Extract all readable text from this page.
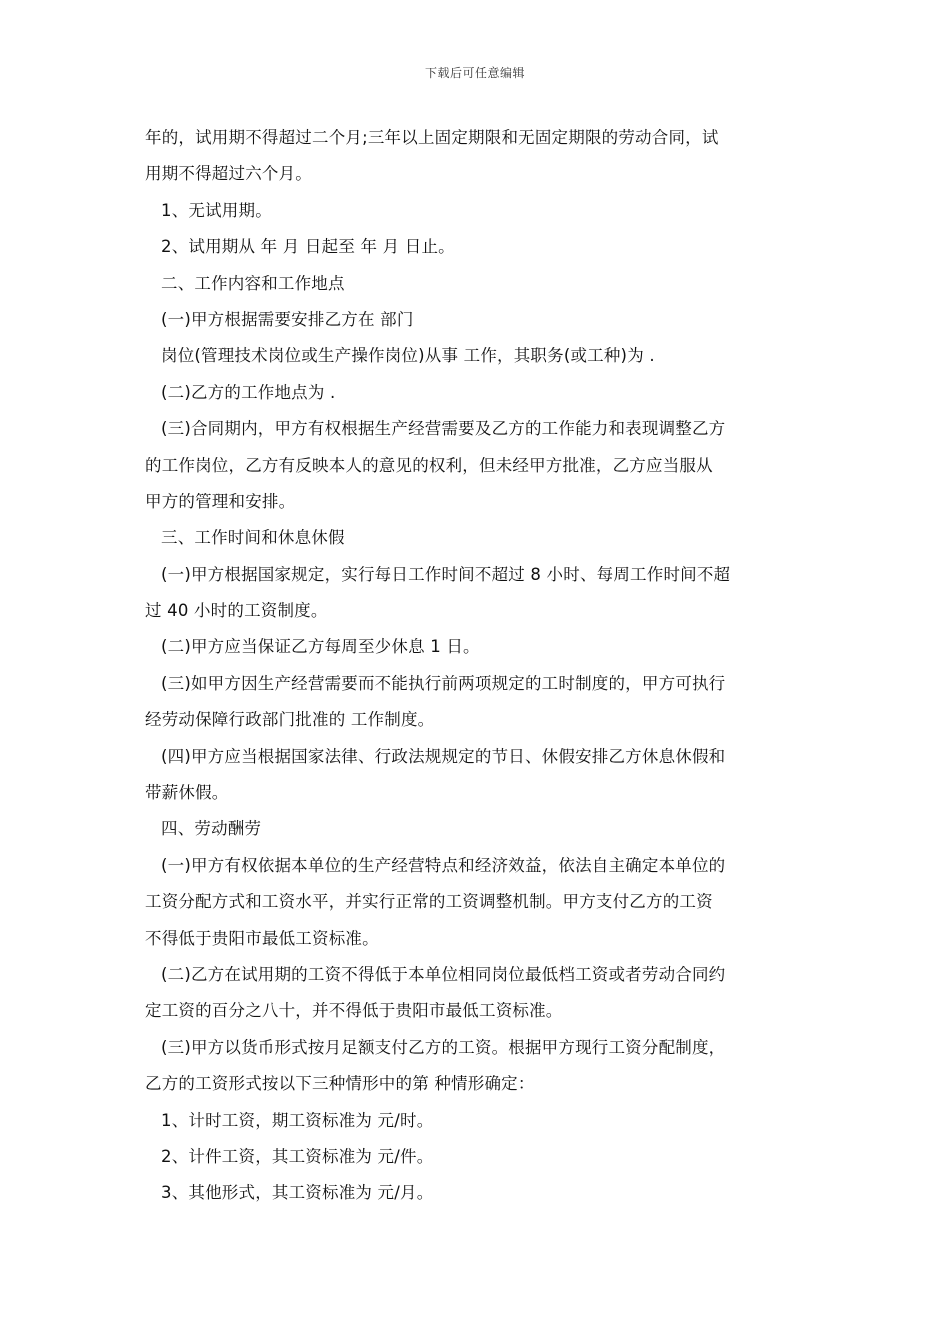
下载后可任意编辑
年的，试用期不得超过二个月;三年以上固定期限和无固定期限的劳动合同，试
用期不得超过六个月。
1、无试用期。
2、试用期从 年 月 日起至 年 月 日止。
二、工作内容和工作地点
(一)甲方根据需要安排乙方在 部门
岗位(管理技术岗位或生产操作岗位)从事 工作，其职务(或工种)为 .
(二)乙方的工作地点为 .
(三)合同期内，甲方有权根据生产经营需要及乙方的工作能力和表现调整乙方
的工作岗位，乙方有反映本人的意见的权利，但未经甲方批准，乙方应当服从
甲方的管理和安排。
三、工作时间和休息休假
(一)甲方根据国家规定，实行每日工作时间不超过 8 小时、每周工作时间不超
过 40 小时的工资制度。
(二)甲方应当保证乙方每周至少休息 1 日。
(三)如甲方因生产经营需要而不能执行前两项规定的工时制度的，甲方可执行
经劳动保障行政部门批准的 工作制度。
(四)甲方应当根据国家法律、行政法规规定的节日、休假安排乙方休息休假和
带薪休假。
四、劳动酬劳
(一)甲方有权依据本单位的生产经营特点和经济效益，依法自主确定本单位的
工资分配方式和工资水平，并实行正常的工资调整机制。甲方支付乙方的工资
不得低于贵阳市最低工资标准。
(二)乙方在试用期的工资不得低于本单位相同岗位最低档工资或者劳动合同约
定工资的百分之八十，并不得低于贵阳市最低工资标准。
(三)甲方以货币形式按月足额支付乙方的工资。根据甲方现行工资分配制度，
乙方的工资形式按以下三种情形中的第 种情形确定：
1、计时工资，期工资标准为 元/时。
2、计件工资，其工资标准为 元/件。
3、其他形式，其工资标准为 元/月。
